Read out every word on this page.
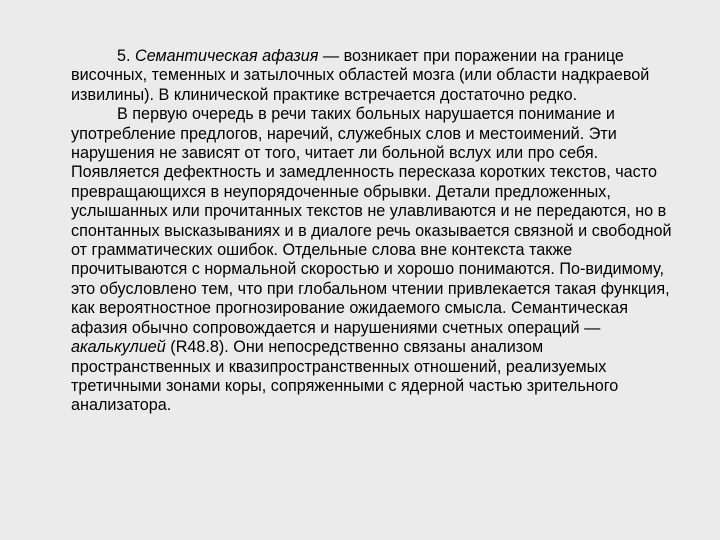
5. Семантическая афазия — возникает при поражении на границе височных, теменных и затылочных областей мозга (или области надкраевой извилины). В клинической практике встречается достаточно редко.

В первую очередь в речи таких больных нарушается понимание и употребление предлогов, наречий, служебных слов и местоимений. Эти нарушения не зависят от того, читает ли больной вслух или про себя. Появляется дефектность и замедленность пересказа коротких текстов, часто превращающихся в неупорядоченные обрывки. Детали предложенных, услышанных или прочитанных текстов не улавливаются и не передаются, но в спонтанных высказываниях и в диалоге речь оказывается связной и свободной от грамматических ошибок. Отдельные слова вне контекста также прочитываются с нормальной скоростью и хорошо понимаются. По-видимому, это обусловлено тем, что при глобальном чтении привлекается такая функция, как вероятностное прогнозирование ожидаемого смысла. Семантическая афазия обычно сопровождается и нарушениями счетных операций — акалькулией (R48.8). Они непосредственно связаны анализом пространственных и квазипространственных отношений, реализуемых третичными зонами коры, сопряженными с ядерной частью зрительного анализатора.
